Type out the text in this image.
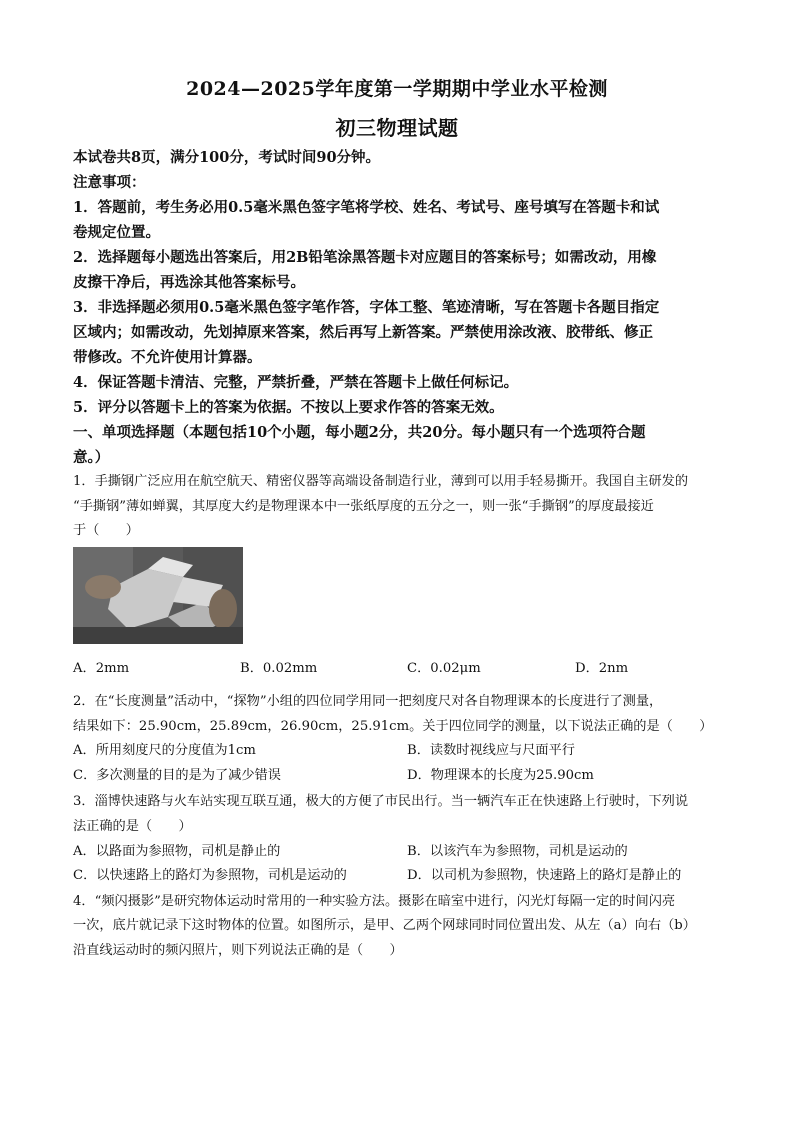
2024—2025学年度第一学期期中学业水平检测
初三物理试题
本试卷共8页，满分100分，考试时间90分钟。
注意事项：
1．答题前，考生务必用0.5毫米黑色签字笔将学校、姓名、考试号、座号填写在答题卡和试
卷规定位置。
2．选择题每小题选出答案后，用2B铅笔涂黑答题卡对应题目的答案标号；如需改动，用橡
皮擦干净后，再选涂其他答案标号。
3．非选择题必须用0.5毫米黑色签字笔作答，字体工整、笔迹清晰，写在答题卡各题目指定
区域内；如需改动，先划掉原来答案，然后再写上新答案。严禁使用涂改液、胶带纸、修正
带修改。不允许使用计算器。
4．保证答题卡清洁、完整，严禁折叠，严禁在答题卡上做任何标记。
5．评分以答题卡上的答案为依据。不按以上要求作答的答案无效。
一、单项选择题（本题包括10个小题，每小题2分，共20分。每小题只有一个选项符合题
意。）
1．手撕钢广泛应用在航空航天、精密仪器等高端设备制造行业，薄到可以用手轻易撕开。我国自主研发的
“手撕钢”薄如蝉翼，其厚度大约是物理课本中一张纸厚度的五分之一，则一张“手撕钢”的厚度最接近
于（　　）
A．2mm	B．0.02mm	C．0.02μm	D．2nm
2．在“长度测量”活动中，“探物”小组的四位同学用同一把刻度尺对各自物理课本的长度进行了测量，
结果如下：25.90cm，25.89cm，26.90cm，25.91cm。关于四位同学的测量，以下说法正确的是（　　）
A．所用刻度尺的分度值为1cm	B．读数时视线应与尺面平行
C．多次测量的目的是为了减少错误	D．物理课本的长度为25.90cm
3．淄博快速路与火车站实现互联互通，极大的方便了市民出行。当一辆汽车正在快速路上行驶时，下列说
法正确的是（　　）
A．以路面为参照物，司机是静止的	B．以该汽车为参照物，司机是运动的
C．以快速路上的路灯为参照物，司机是运动的	D．以司机为参照物，快速路上的路灯是静止的
4．“频闪摄影”是研究物体运动时常用的一种实验方法。摄影在暗室中进行，闪光灯每隔一定的时间闪亮
一次，底片就记录下这时物体的位置。如图所示，是甲、乙两个网球同时同位置出发、从左（a）向右（b）
沿直线运动时的频闪照片，则下列说法正确的是（　　）
